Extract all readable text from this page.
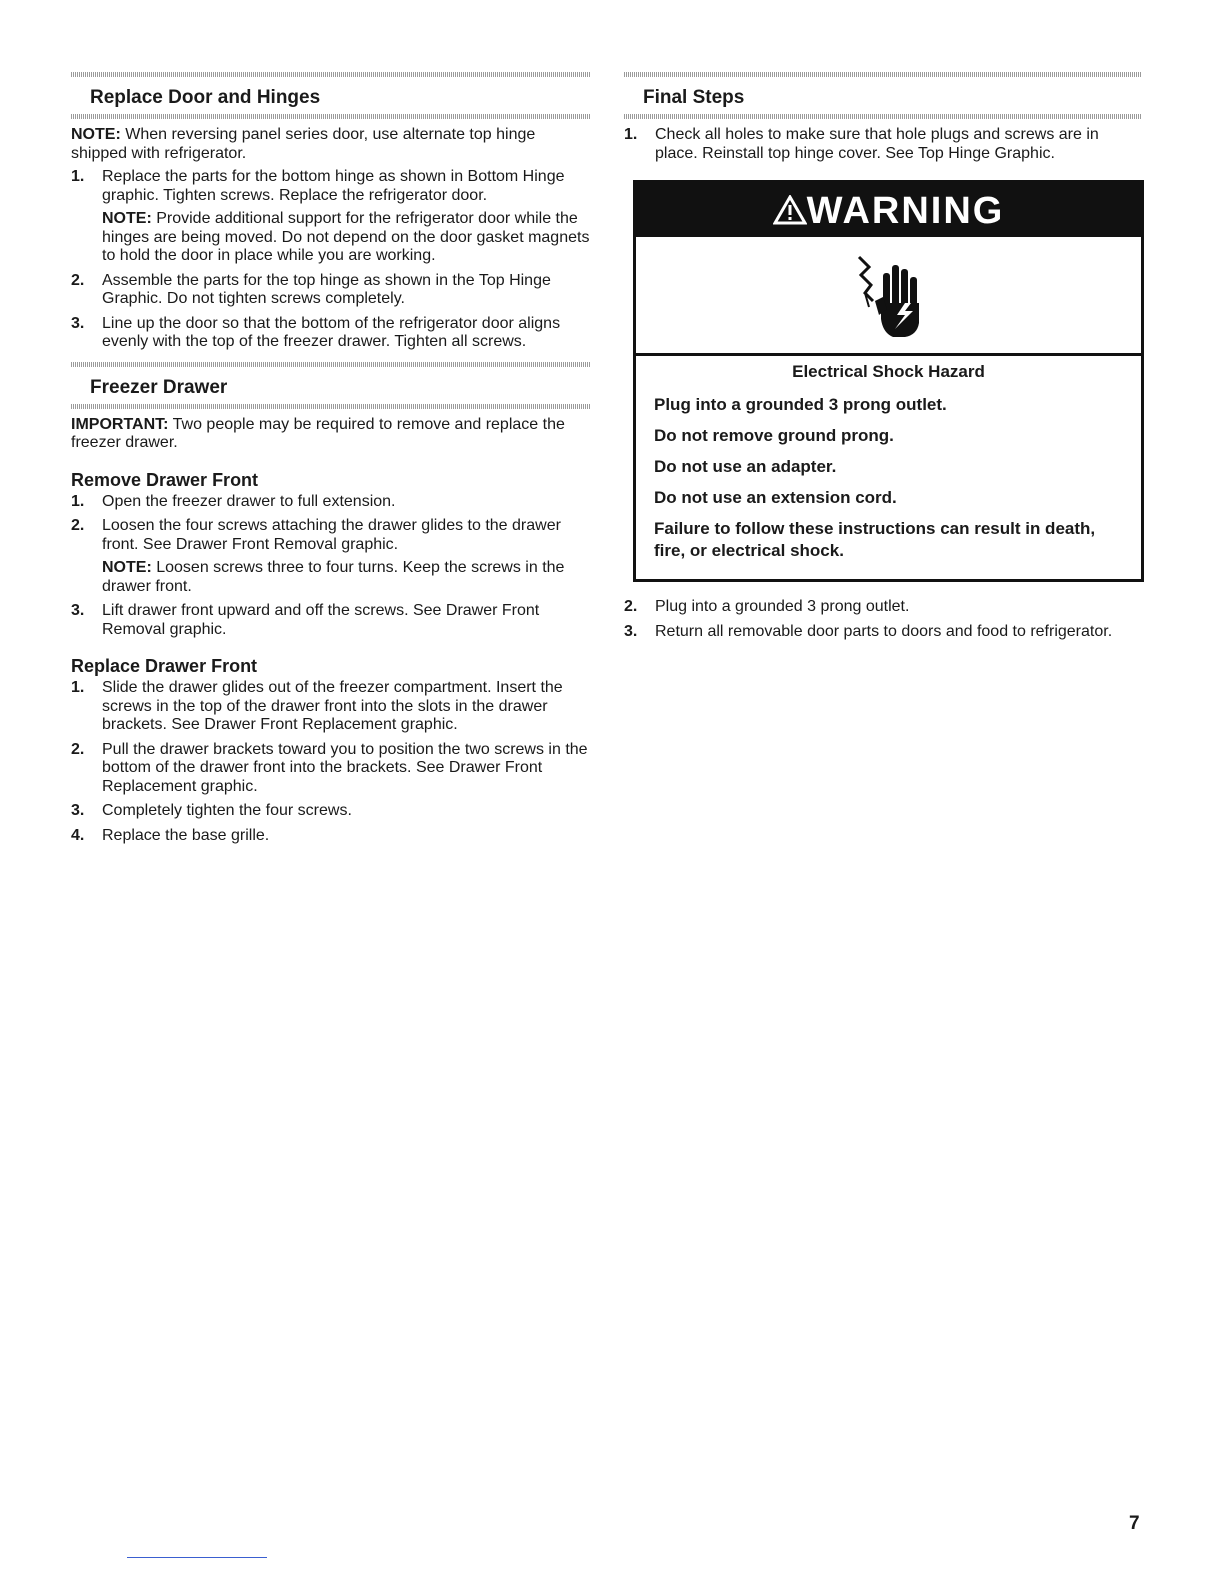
Replace Door and Hinges

NOTE: When reversing panel series door, use alternate top hinge shipped with refrigerator.

1. Replace the parts for the bottom hinge as shown in Bottom Hinge graphic. Tighten screws. Replace the refrigerator door.
NOTE: Provide additional support for the refrigerator door while the hinges are being moved. Do not depend on the door gasket magnets to hold the door in place while you are working.
2. Assemble the parts for the top hinge as shown in the Top Hinge Graphic. Do not tighten screws completely.
3. Line up the door so that the bottom of the refrigerator door aligns evenly with the top of the freezer drawer. Tighten all screws.
Freezer Drawer

IMPORTANT: Two people may be required to remove and replace the freezer drawer.

Remove Drawer Front
1. Open the freezer drawer to full extension.
2. Loosen the four screws attaching the drawer glides to the drawer front. See Drawer Front Removal graphic.
NOTE: Loosen screws three to four turns. Keep the screws in the drawer front.
3. Lift drawer front upward and off the screws. See Drawer Front Removal graphic.
Replace Drawer Front
1. Slide the drawer glides out of the freezer compartment. Insert the screws in the top of the drawer front into the slots in the drawer brackets. See Drawer Front Replacement graphic.
2. Pull the drawer brackets toward you to position the two screws in the bottom of the drawer front into the brackets. See Drawer Front Replacement graphic.
3. Completely tighten the four screws.
4. Replace the base grille.
Final Steps
1. Check all holes to make sure that hole plugs and screws are in place. Reinstall top hinge cover. See Top Hinge Graphic.
WARNING

Electrical Shock Hazard

Plug into a grounded 3 prong outlet.

Do not remove ground prong.

Do not use an adapter.

Do not use an extension cord.

Failure to follow these instructions can result in death, fire, or electrical shock.

2. Plug into a grounded 3 prong outlet.
3. Return all removable door parts to doors and food to refrigerator.
7
